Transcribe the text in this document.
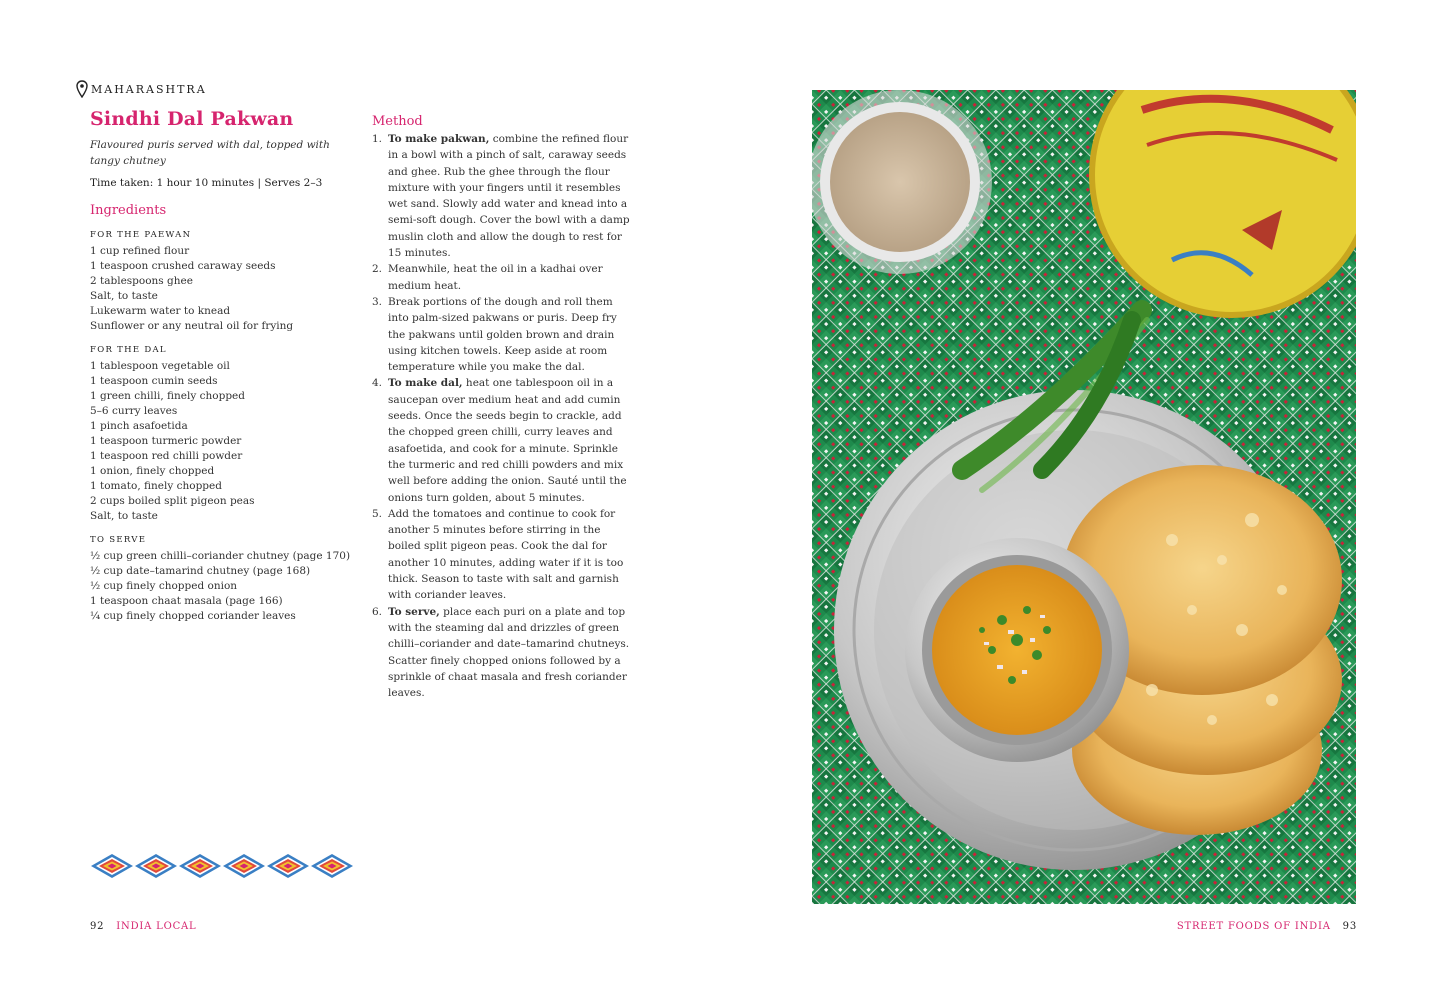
MAHARASHTRA
Sindhi Dal Pakwan
Flavoured puris served with dal, topped with tangy chutney
Time taken: 1 hour 10 minutes | Serves 2–3
Ingredients
FOR THE PAEWAN
1 cup refined flour
1 teaspoon crushed caraway seeds
2 tablespoons ghee
Salt, to taste
Lukewarm water to knead
Sunflower or any neutral oil for frying
FOR THE DAL
1 tablespoon vegetable oil
1 teaspoon cumin seeds
1 green chilli, finely chopped
5–6 curry leaves
1 pinch asafoetida
1 teaspoon turmeric powder
1 teaspoon red chilli powder
1 onion, finely chopped
1 tomato, finely chopped
2 cups boiled split pigeon peas
Salt, to taste
TO SERVE
½ cup green chilli–coriander chutney (page 170)
½ cup date–tamarind chutney (page 168)
½ cup finely chopped onion
1 teaspoon chaat masala (page 166)
¼ cup finely chopped coriander leaves
Method
1. To make pakwan, combine the refined flour in a bowl with a pinch of salt, caraway seeds and ghee. Rub the ghee through the flour mixture with your fingers until it resembles wet sand. Slowly add water and knead into a semi-soft dough. Cover the bowl with a damp muslin cloth and allow the dough to rest for 15 minutes.
2. Meanwhile, heat the oil in a kadhai over medium heat.
3. Break portions of the dough and roll them into palm-sized pakwans or puris. Deep fry the pakwans until golden brown and drain using kitchen towels. Keep aside at room temperature while you make the dal.
4. To make dal, heat one tablespoon oil in a saucepan over medium heat and add cumin seeds. Once the seeds begin to crackle, add the chopped green chilli, curry leaves and asafoetida, and cook for a minute. Sprinkle the turmeric and red chilli powders and mix well before adding the onion. Sauté until the onions turn golden, about 5 minutes.
5. Add the tomatoes and continue to cook for another 5 minutes before stirring in the boiled split pigeon peas. Cook the dal for another 10 minutes, adding water if it is too thick. Season to taste with salt and garnish with coriander leaves.
6. To serve, place each puri on a plate and top with the steaming dal and drizzles of green chilli–coriander and date–tamarind chutneys. Scatter finely chopped onions followed by a sprinkle of chaat masala and fresh coriander leaves.
92 INDIA LOCAL	STREET FOODS OF INDIA 93
